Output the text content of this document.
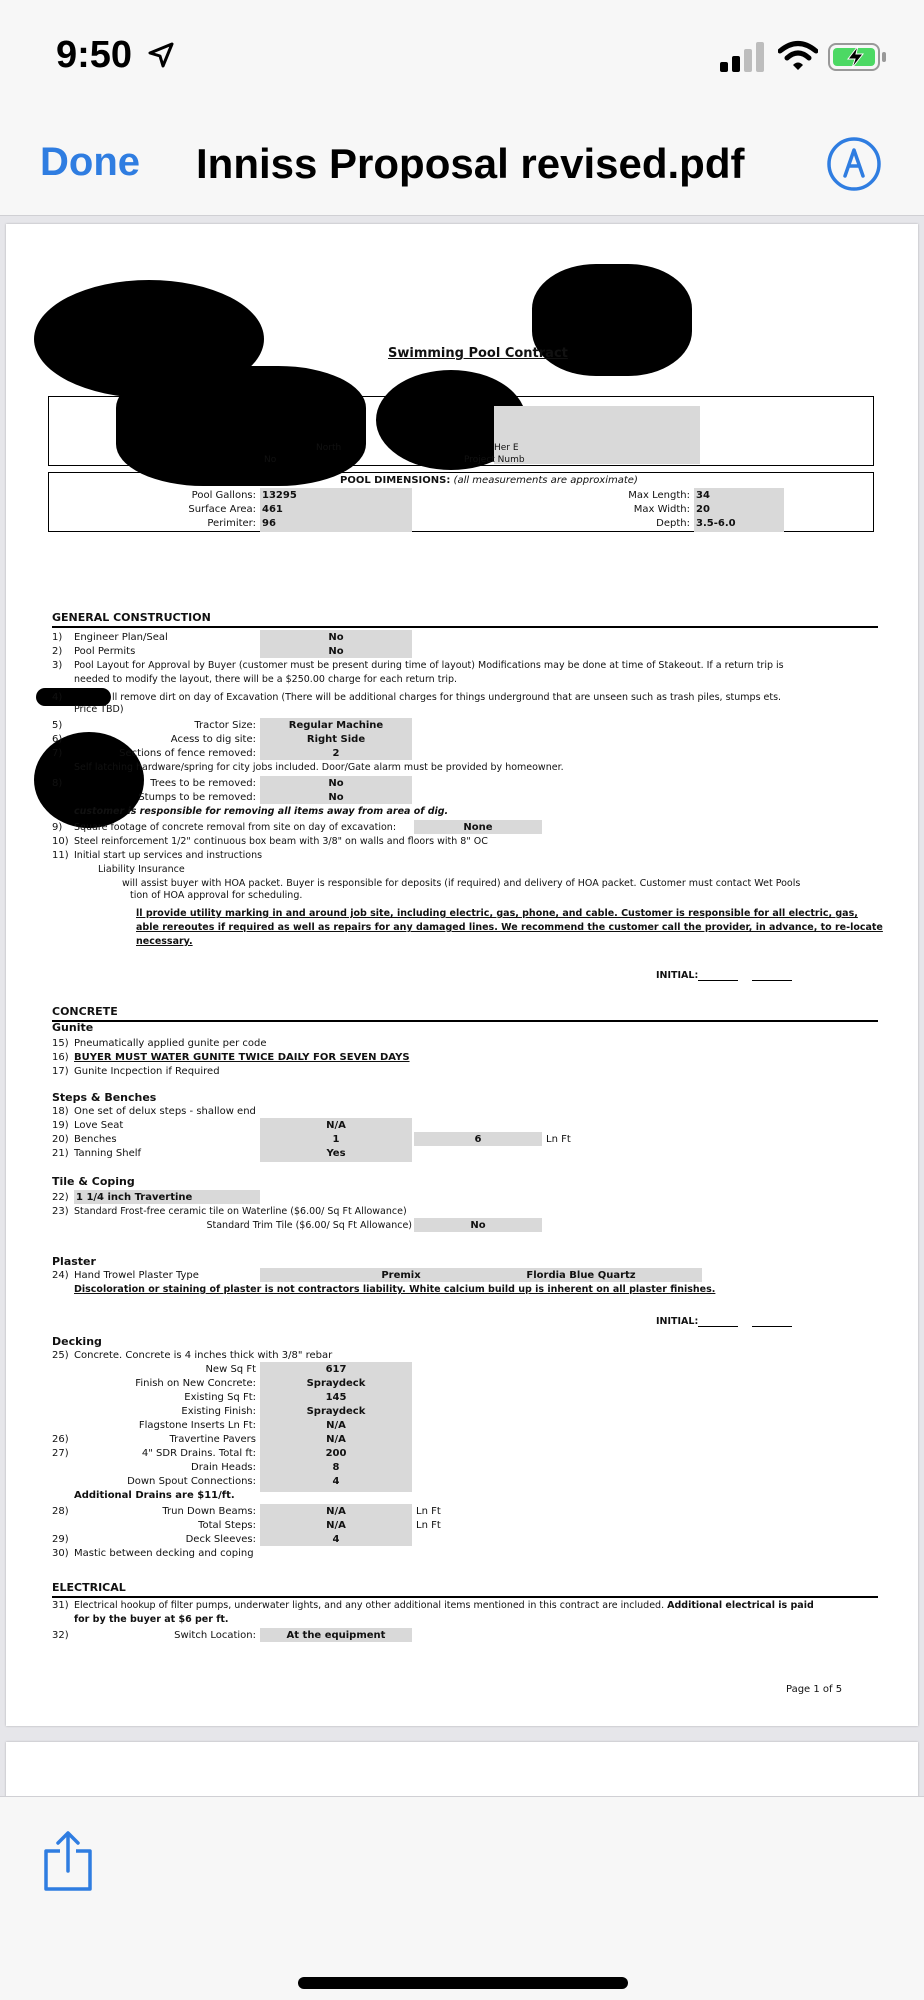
9:50
Done Inniss Proposal revised.pdf
Swimming Pool Contract
North
No
Her E
Project Numb
POOL DIMENSIONS: (all measurements are approximate)
Pool Gallons: 13295	Max Length: 34
Surface Area: 461	Max Width: 20
Perimiter: 96	Depth: 3.5-6.0
GENERAL CONSTRUCTION
1) Engineer Plan/Seal	No
2) Pool Permits	No
3) Pool Layout for Approval by Buyer (customer must be present during time of layout) Modifications may be done at time of Stakeout. If a return trip is
needed to modify the layout, there will be a $250.00 charge for each return trip.
4)	ll remove dirt on day of Excavation (There will be additional charges for things underground that are unseen such as trash piles, stumps ets.
Price TBD)
5)	Tractor Size:	Regular Machine
6)	Acess to dig site:	Right Side
7)	Sections of fence removed:	2
Self latching hardware/spring for city jobs included. Door/Gate alarm must be provided by homeowner.
8)	Trees to be removed:	No
Stumps to be removed:	No
customer is responsible for removing all items away from area of dig.
9) Square footage of concrete removal from site on day of excavation:	None
10) Steel reinforcement 1/2" continuous box beam with 3/8" on walls and floors with 8" OC
11) Initial start up services and instructions
Liability Insurance
will assist buyer with HOA packet. Buyer is responsible for deposits (if required) and delivery of HOA packet. Customer must contact Wet Pools
tion of HOA approval for scheduling.
ll provide utility marking in and around job site, including electric, gas, phone, and cable. Customer is responsible for all electric, gas,
able rereoutes if required as well as repairs for any damaged lines. We recommend the customer call the provider, in advance, to re-locate
necessary.
INITIAL:
CONCRETE
Gunite
15) Pneumatically applied gunite per code
16) BUYER MUST WATER GUNITE TWICE DAILY FOR SEVEN DAYS
17) Gunite Incpection if Required
Steps & Benches
18) One set of delux steps - shallow end
19) Love Seat	N/A
20) Benches	1	6	Ln Ft
21) Tanning Shelf	Yes
Tile & Coping
22) 1 1/4 inch Travertine
23) Standard Frost-free ceramic tile on Waterline ($6.00/ Sq Ft Allowance)
Standard Trim Tile ($6.00/ Sq Ft Allowance)	No
Plaster
24) Hand Trowel Plaster Type	Premix	Flordia Blue Quartz
Discoloration or staining of plaster is not contractors liability. White calcium build up is inherent on all plaster finishes.
INITIAL:
Decking
25) Concrete. Concrete is 4 inches thick with 3/8" rebar
New Sq Ft	617
Finish on New Concrete:	Spraydeck
Existing Sq Ft:	145
Existing Finish:	Spraydeck
Flagstone Inserts Ln Ft:	N/A
26)	Travertine Pavers	N/A
27)	4" SDR Drains. Total ft:	200
Drain Heads:	8
Down Spout Connections:	4
Additional Drains are $11/ft.
28)	Trun Down Beams:	N/A	Ln Ft
Total Steps:	N/A	Ln Ft
29)	Deck Sleeves:	4
30) Mastic between decking and coping
ELECTRICAL
31) Electrical hookup of filter pumps, underwater lights, and any other additional items mentioned in this contract are included. Additional electrical is paid
for by the buyer at $6 per ft.
32)	Switch Location:	At the equipment
Page 1 of 5
